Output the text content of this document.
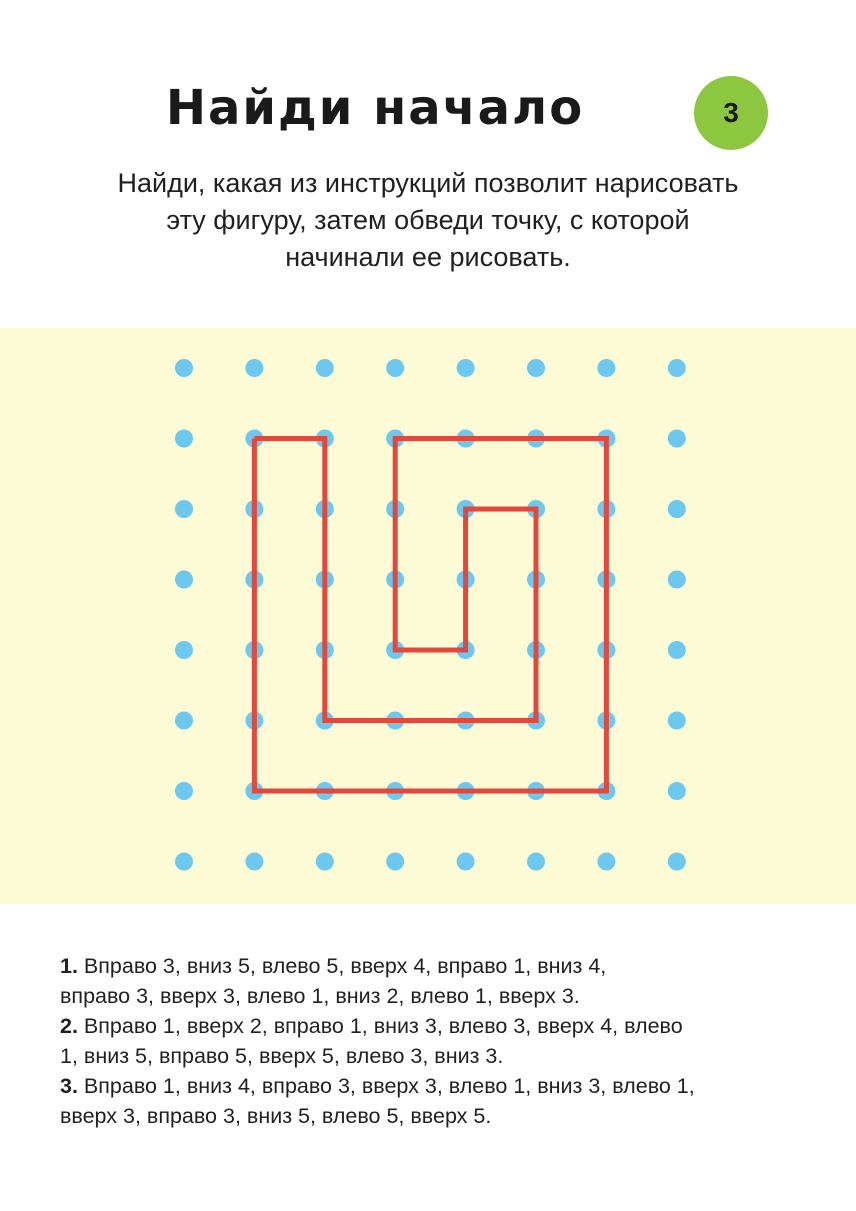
Найди начало	3
Найди, какая из инструкций позволит нарисовать
эту фигуру, затем обведи точку, с которой
начинали ее рисовать.
1. Вправо 3, вниз 5, влево 5, вверх 4, вправо 1, вниз 4,
вправо 3, вверх 3, влево 1, вниз 2, влево 1, вверх 3.
2. Вправо 1, вверх 2, вправо 1, вниз 3, влево 3, вверх 4, влево
1, вниз 5, вправо 5, вверх 5, влево 3, вниз 3.
3. Вправо 1, вниз 4, вправо 3, вверх 3, влево 1, вниз 3, влево 1,
вверх 3, вправо 3, вниз 5, влево 5, вверх 5.
